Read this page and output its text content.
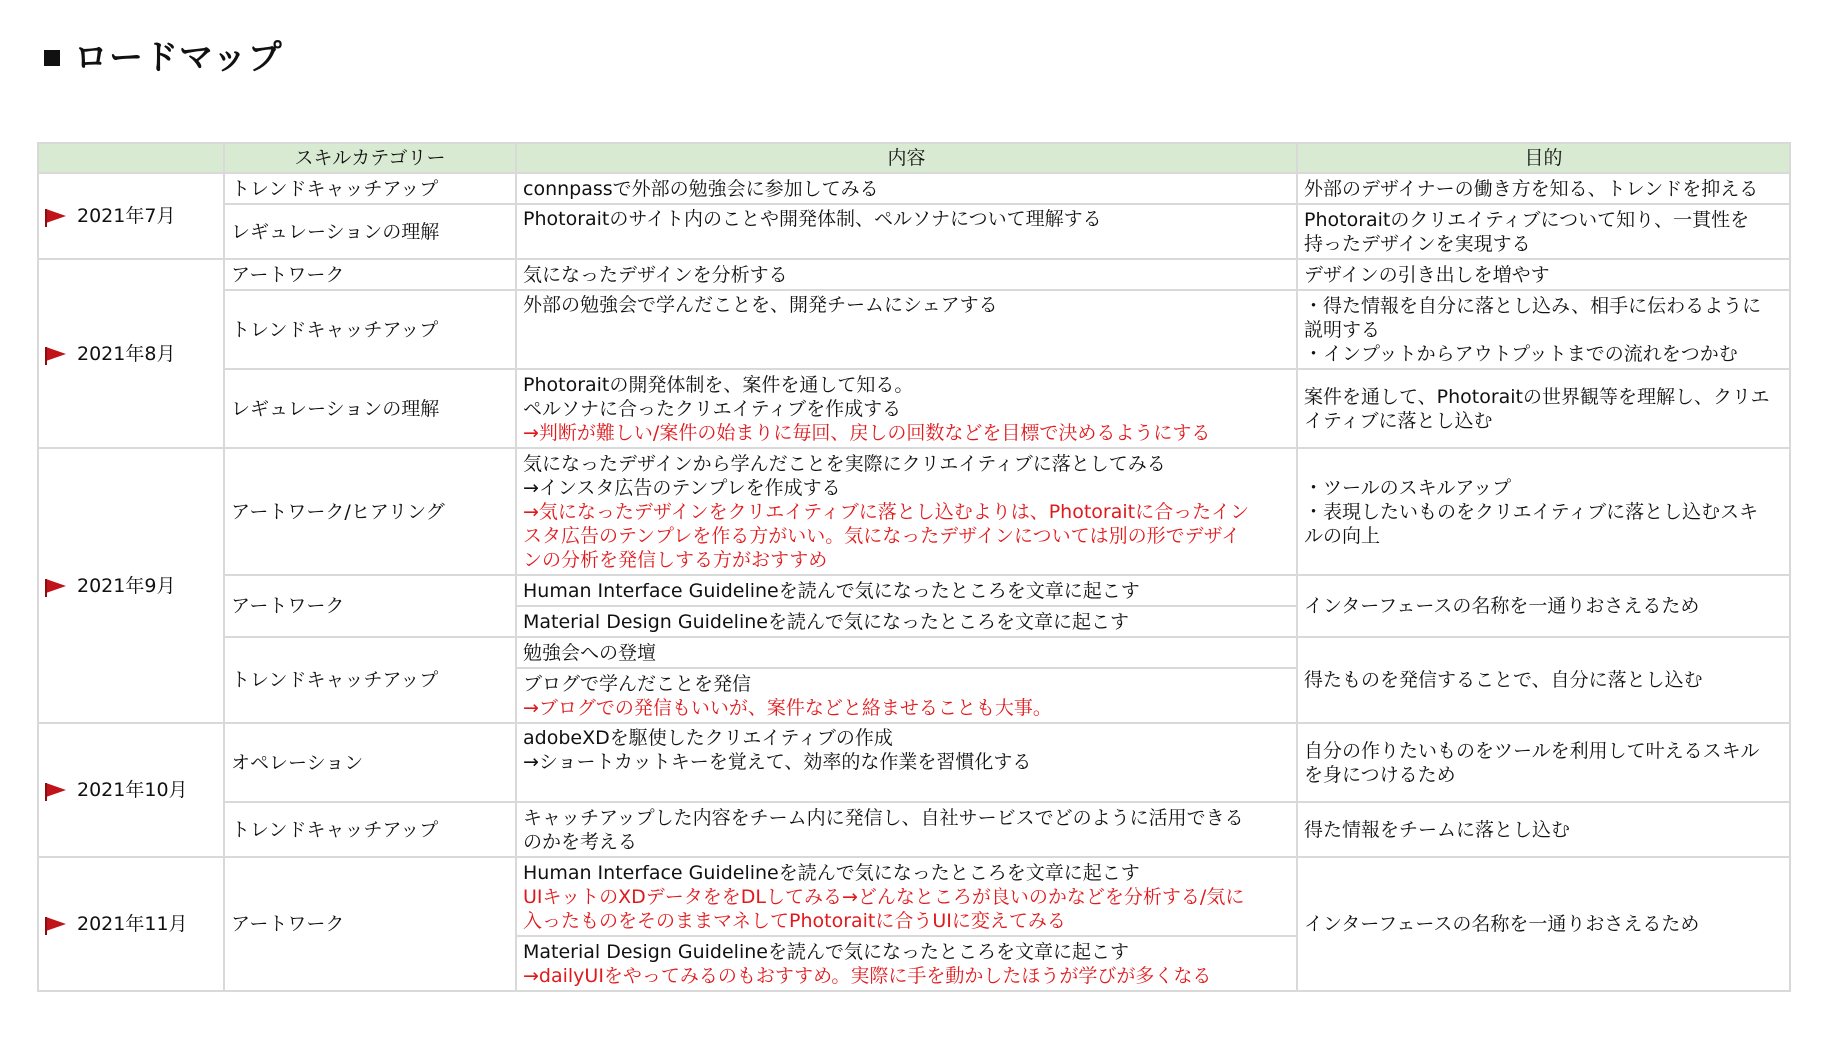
ロードマップ
	スキルカテゴリー	内容	目的

2021年7月	トレンドキャッチアップ	connpassで外部の勉強会に参加してみる	外部のデザイナーの働き方を知る、トレンドを抑える

	レギュレーションの理解	Photoraitのサイト内のことや開発体制、ペルソナについて理解する	Photoraitのクリエイティブについて知り、一貫性を
持ったデザインを実現する

2021年8月	アートワーク	気になったデザインを分析する	デザインの引き出しを増やす

	トレンドキャッチアップ	外部の勉強会で学んだことを、開発チームにシェアする	・得た情報を自分に落とし込み、相手に伝わるように
説明する
・インプットからアウトプットまでの流れをつかむ

	レギュレーションの理解	Photoraitの開発体制を、案件を通して知る。
ペルソナに合ったクリエイティブを作成する
→判断が難しい/案件の始まりに毎回、戻しの回数などを目標で決めるようにする	案件を通して、Photoraitの世界観等を理解し、クリエ
イティブに落とし込む

2021年9月	アートワーク/ヒアリング	気になったデザインから学んだことを実際にクリエイティブに落としてみる
→インスタ広告のテンプレを作成する
→気になったデザインをクリエイティブに落とし込むよりは、Photoraitに合ったイン
スタ広告のテンプレを作る方がいい。気になったデザインについては別の形でデザイ
ンの分析を発信しする方がおすすめ	・ツールのスキルアップ
・表現したいものをクリエイティブに落とし込むスキ
ルの向上

	アートワーク	Human Interface Guidelineを読んで気になったところを文章に起こす	インターフェースの名称を一通りおさえるため

		Material Design Guidelineを読んで気になったところを文章に起こす	

	トレンドキャッチアップ	勉強会への登壇	得たものを発信することで、自分に落とし込む

		ブログで学んだことを発信
→ブログでの発信もいいが、案件などと絡ませることも大事。	

2021年10月	オペレーション	adobeXDを駆使したクリエイティブの作成
→ショートカットキーを覚えて、効率的な作業を習慣化する	自分の作りたいものをツールを利用して叶えるスキル
を身につけるため

	トレンドキャッチアップ	キャッチアップした内容をチーム内に発信し、自社サービスでどのように活用できる
のかを考える	得た情報をチームに落とし込む

2021年11月	アートワーク	Human Interface Guidelineを読んで気になったところを文章に起こす
UIキットのXDデータををDLしてみる→どんなところが良いのかなどを分析する/気に
入ったものをそのままマネしてPhotoraitに合うUIに変えてみる	インターフェースの名称を一通りおさえるため

		Material Design Guidelineを読んで気になったところを文章に起こす
→dailyUIをやってみるのもおすすめ。実際に手を動かしたほうが学びが多くなる	
